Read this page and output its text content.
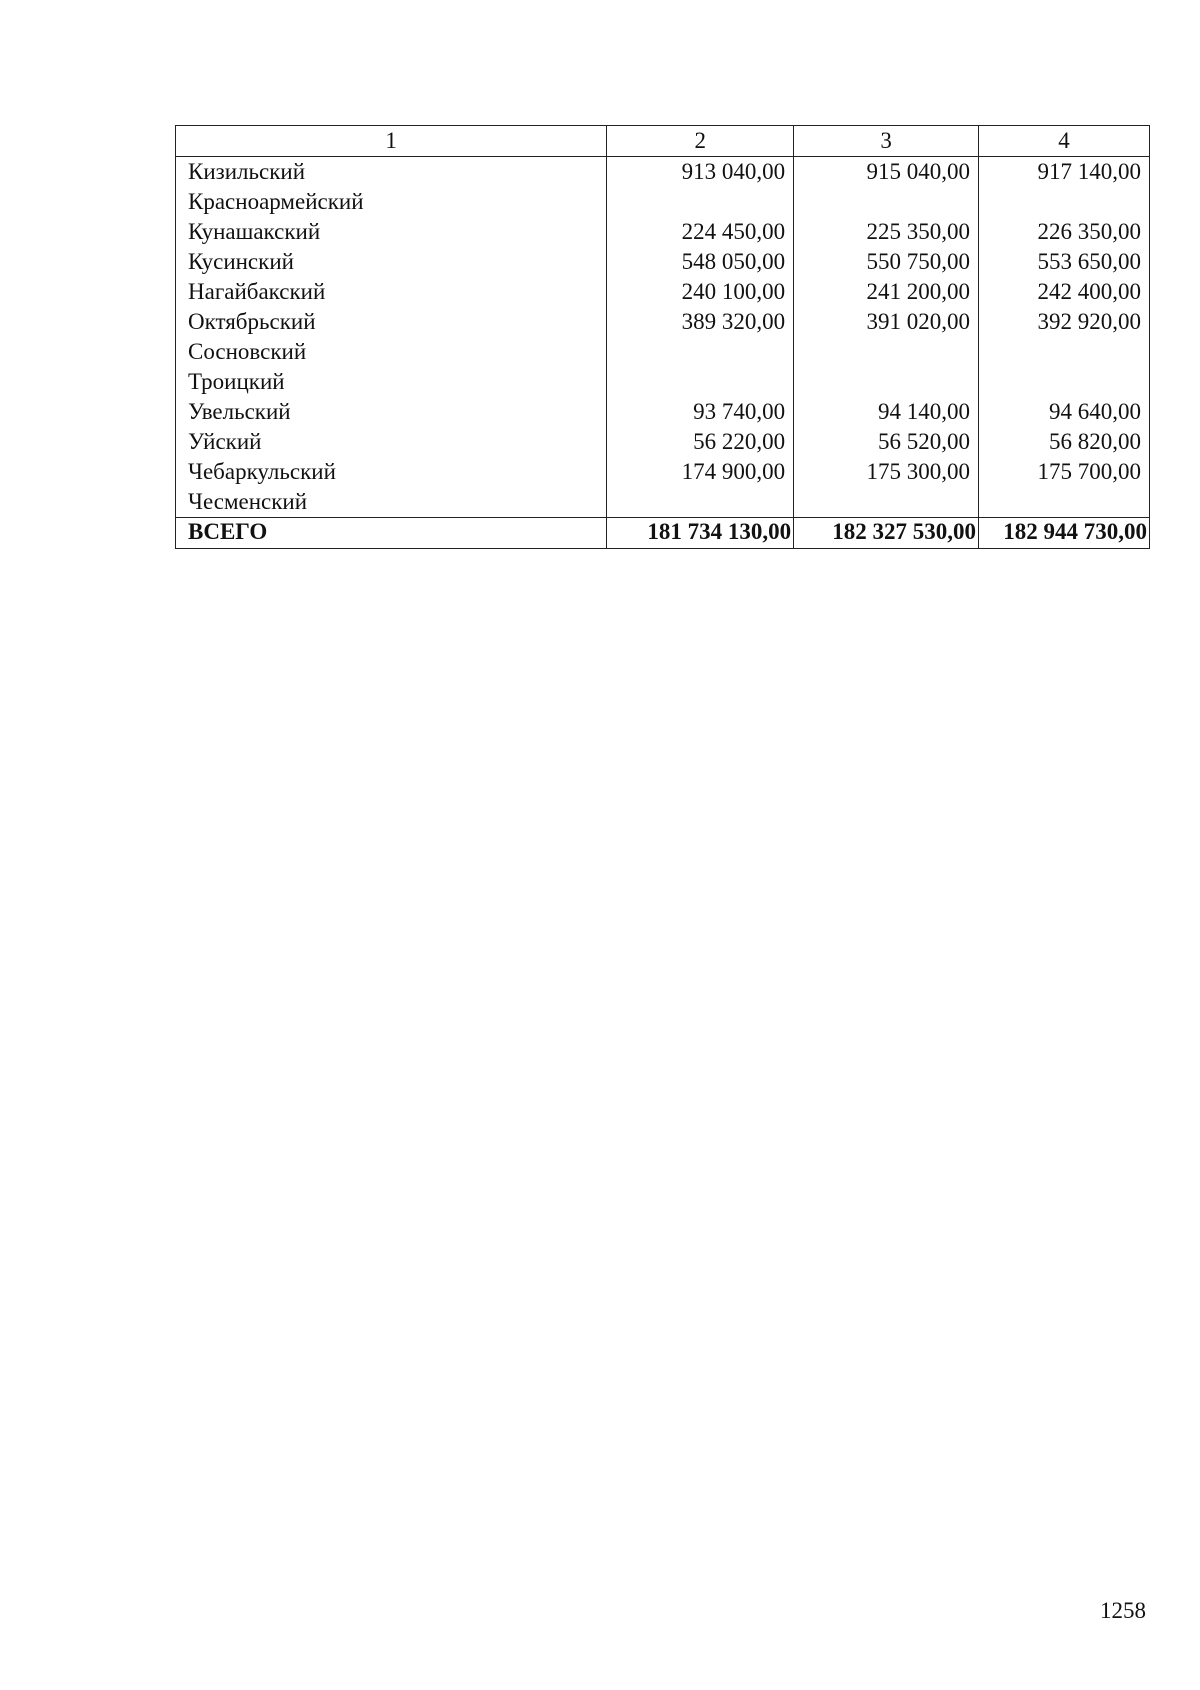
1	2	3	4
Кизильский	913 040,00	915 040,00	917 140,00
Красноармейский			
Кунашакский	224 450,00	225 350,00	226 350,00
Кусинский	548 050,00	550 750,00	553 650,00
Нагайбакский	240 100,00	241 200,00	242 400,00
Октябрьский	389 320,00	391 020,00	392 920,00
Сосновский			
Троицкий			
Увельский	93 740,00	94 140,00	94 640,00
Уйский	56 220,00	56 520,00	56 820,00
Чебаркульский	174 900,00	175 300,00	175 700,00
Чесменский			
ВСЕГО	181 734 130,00	182 327 530,00	182 944 730,00
1258
